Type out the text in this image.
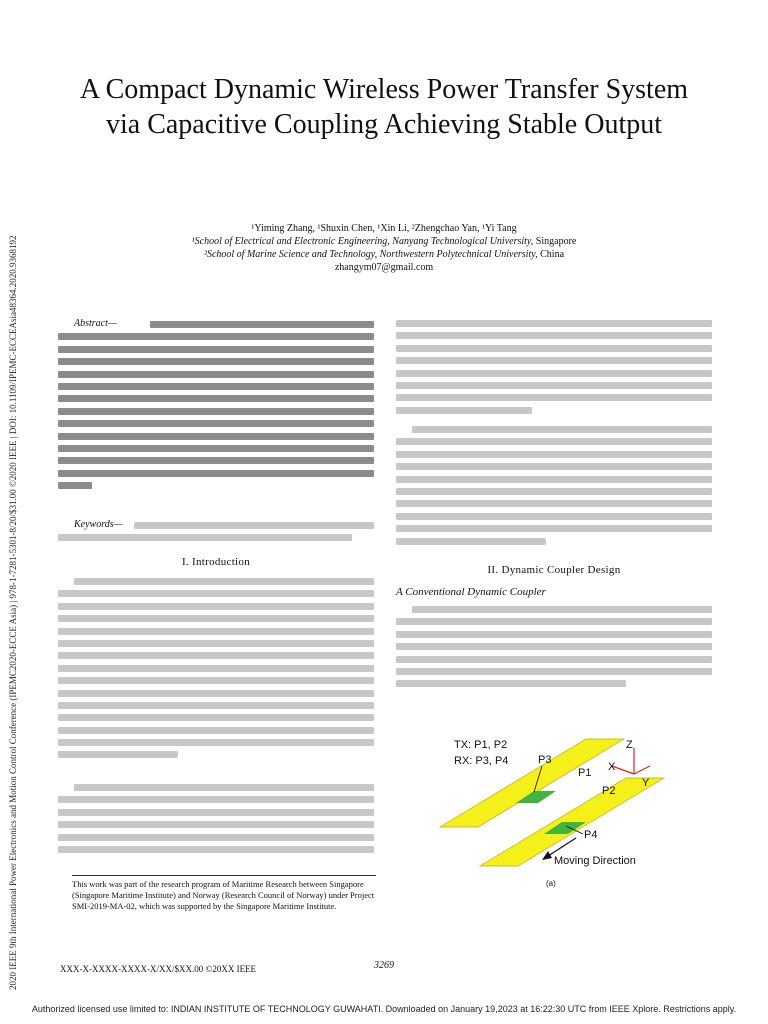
2020 IEEE 9th International Power Electronics and Motion Control Conference (IPEMC2020-ECCE Asia) | 978-1-7281-5301-8/20/$31.00 ©2020 IEEE | DOI: 10.1109/IPEMC-ECCEAsia48364.2020.9368192
A Compact Dynamic Wireless Power Transfer System via Capacitive Coupling Achieving Stable Output
¹Yiming Zhang, ¹Shuxin Chen, ¹Xin Li, ²Zhengchao Yan, ¹Yi Tang
¹School of Electrical and Electronic Engineering, Nanyang Technological University, Singapore
²School of Marine Science and Technology, Northwestern Polytechnical University, China
zhangym07@gmail.com
Abstract—
Keywords—
I. Introduction
This work was part of the research program of Maritime Research between Singapore (Singapore Maritime Institute) and Norway (Research Council of Norway) under Project SMI-2019-MA-02, which was supported by the Singapore Maritime Institute.
II. Dynamic Coupler Design
A Conventional Dynamic Coupler
TX: P1, P2
RX: P3, P4	P3
P1
P2
P4
Z
X
Y
Moving Direction
(a)
XXX-X-XXXX-XXXX-X/XX/$XX.00 ©20XX IEEE	3269
Authorized licensed use limited to: INDIAN INSTITUTE OF TECHNOLOGY GUWAHATI. Downloaded on January 19,2023 at 16:22:30 UTC from IEEE Xplore. Restrictions apply.
